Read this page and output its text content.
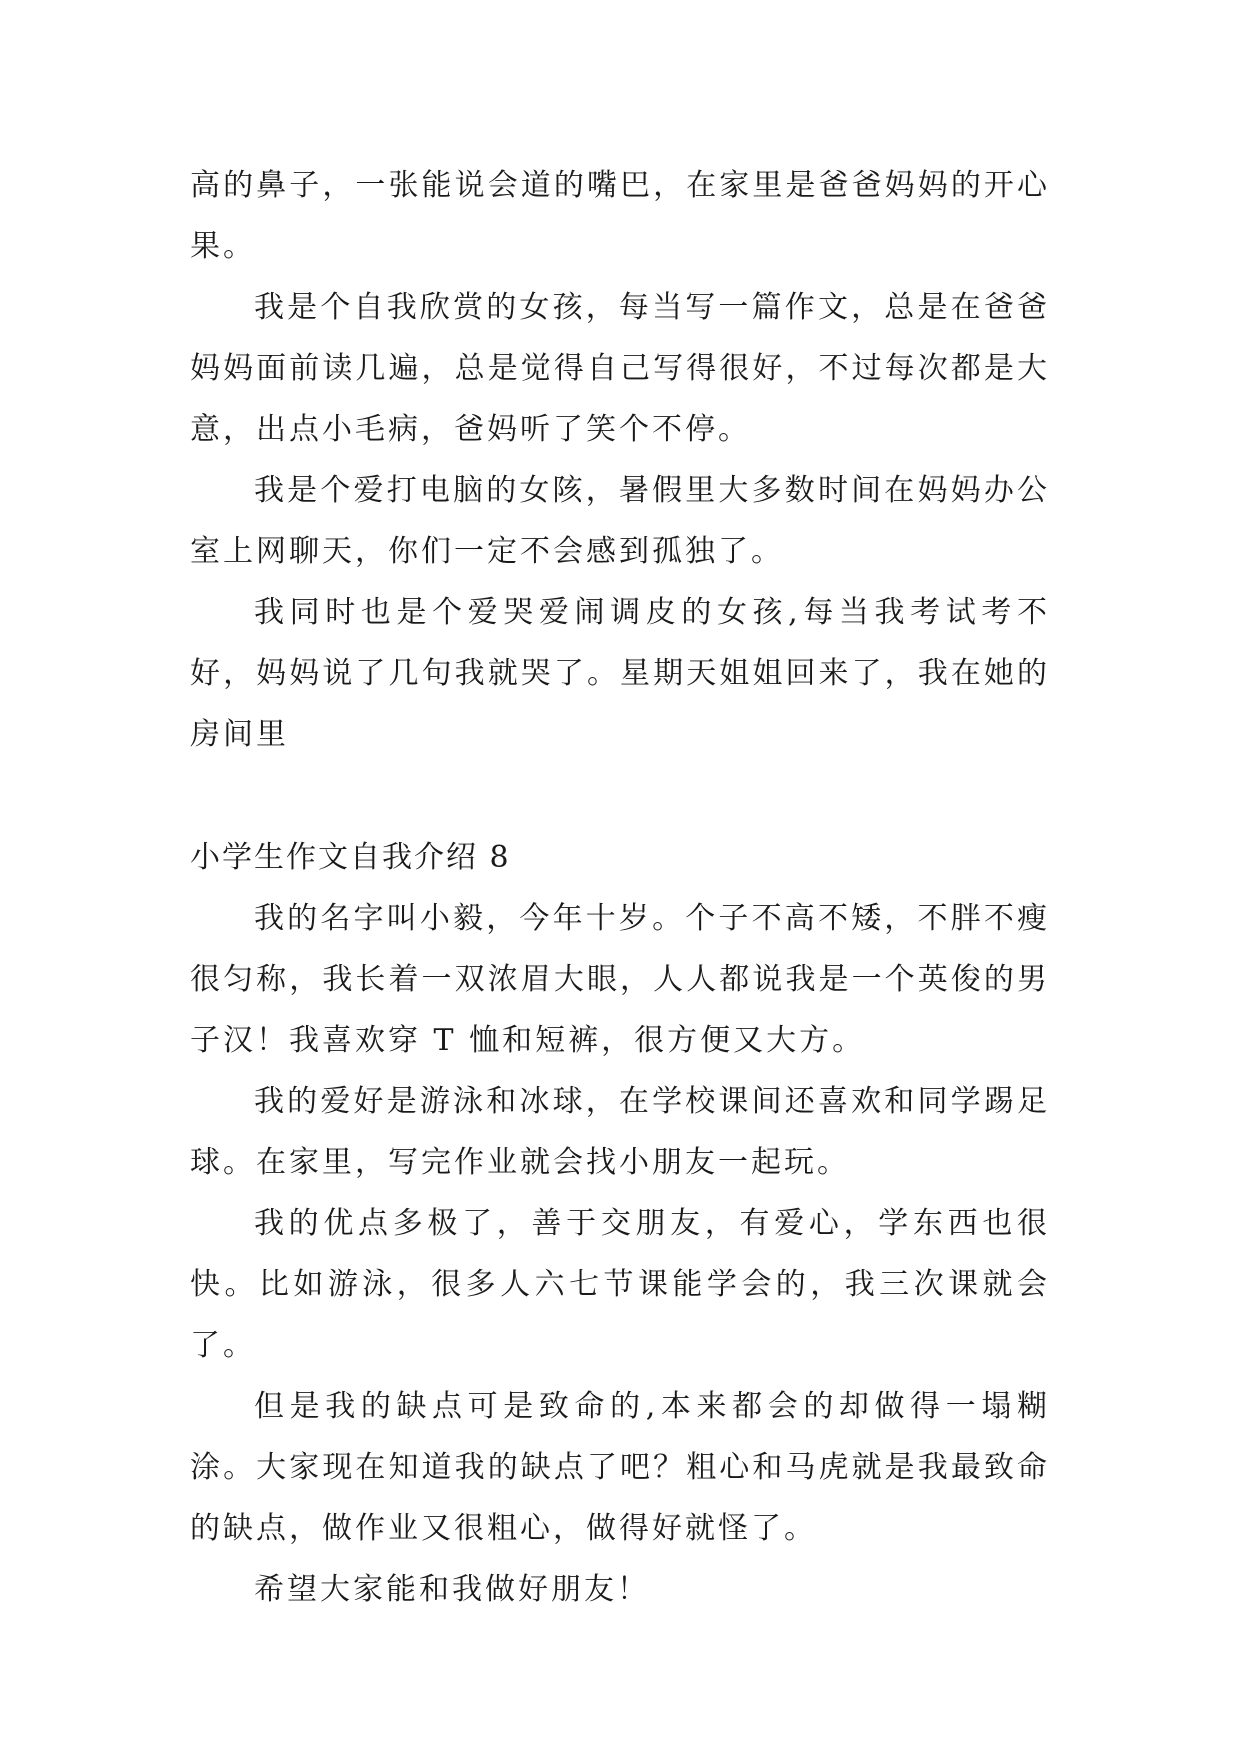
高的鼻子，一张能说会道的嘴巴，在家里是爸爸妈妈的开心果。

我是个自我欣赏的女孩，每当写一篇作文，总是在爸爸妈妈面前读几遍，总是觉得自己写得很好，不过每次都是大意，出点小毛病，爸妈听了笑个不停。

我是个爱打电脑的女陔，暑假里大多数时间在妈妈办公室上网聊天，你们一定不会感到孤独了。

我同时也是个爱哭爱闹调皮的女孩,每当我考试考不好，妈妈说了几句我就哭了。星期天姐姐回来了，我在她的房间里

小学生作文自我介绍 8

我的名字叫小毅，今年十岁。个子不高不矮，不胖不瘦很匀称，我长着一双浓眉大眼，人人都说我是一个英俊的男子汉！我喜欢穿 T 恤和短裤，很方便又大方。

我的爱好是游泳和冰球，在学校课间还喜欢和同学踢足球。在家里，写完作业就会找小朋友一起玩。

我的优点多极了，善于交朋友，有爱心，学东西也很快。比如游泳，很多人六七节课能学会的，我三次课就会了。

但是我的缺点可是致命的,本来都会的却做得一塌糊涂。大家现在知道我的缺点了吧？粗心和马虎就是我最致命的缺点，做作业又很粗心，做得好就怪了。

希望大家能和我做好朋友！
